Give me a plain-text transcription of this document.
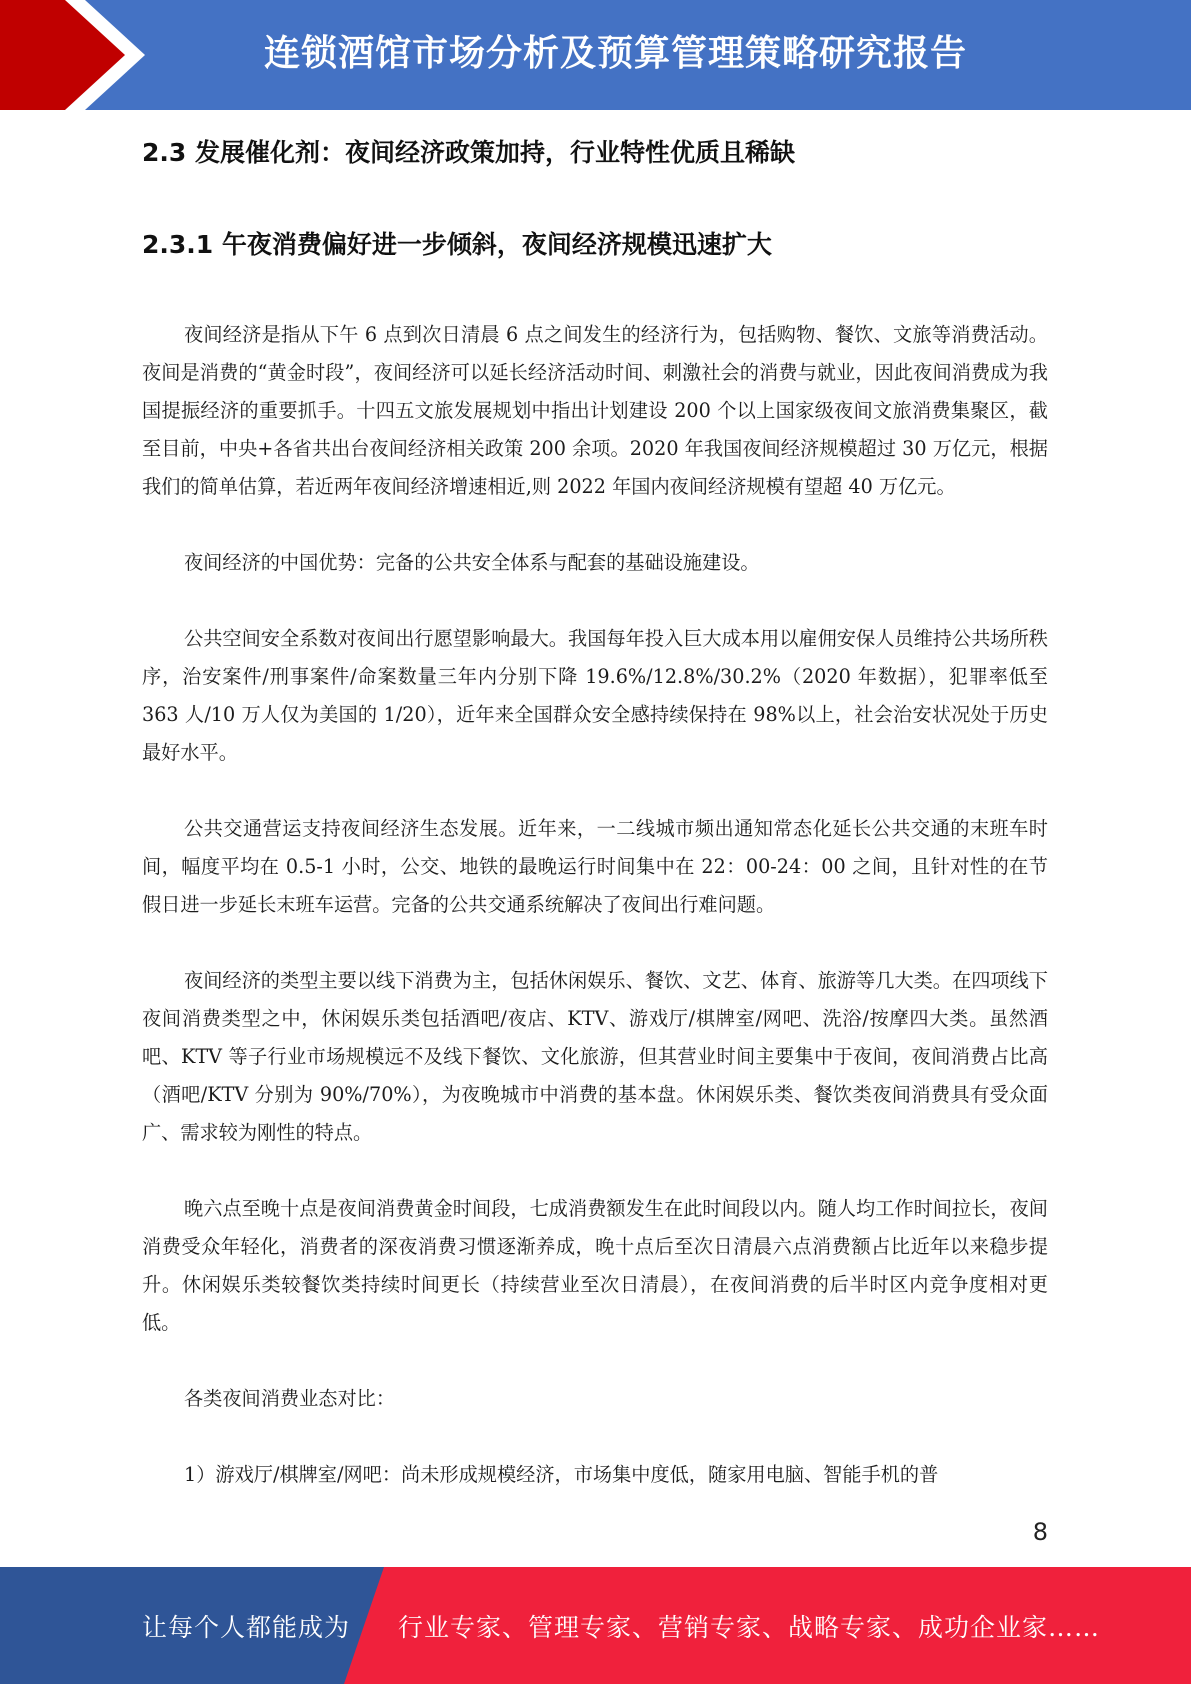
连锁酒馆市场分析及预算管理策略研究报告
2.3 发展催化剂：夜间经济政策加持，行业特性优质且稀缺
2.3.1 午夜消费偏好进一步倾斜，夜间经济规模迅速扩大

夜间经济是指从下午 6 点到次日清晨 6 点之间发生的经济行为，包括购物、餐饮、文旅等消费活动。夜间是消费的“黄金时段”，夜间经济可以延长经济活动时间、刺激社会的消费与就业，因此夜间消费成为我国提振经济的重要抓手。十四五文旅发展规划中指出计划建设 200 个以上国家级夜间文旅消费集聚区，截至目前，中央+各省共出台夜间经济相关政策 200 余项。2020 年我国夜间经济规模超过 30 万亿元，根据我们的简单估算，若近两年夜间经济增速相近,则 2022 年国内夜间经济规模有望超 40 万亿元。

夜间经济的中国优势：完备的公共安全体系与配套的基础设施建设。

公共空间安全系数对夜间出行愿望影响最大。我国每年投入巨大成本用以雇佣安保人员维持公共场所秩序，治安案件/刑事案件/命案数量三年内分别下降 19.6%/12.8%/30.2%（2020 年数据），犯罪率低至 363 人/10 万人仅为美国的 1/20），近年来全国群众安全感持续保持在 98%以上，社会治安状况处于历史最好水平。

公共交通营运支持夜间经济生态发展。近年来，一二线城市频出通知常态化延长公共交通的末班车时间，幅度平均在 0.5-1 小时，公交、地铁的最晚运行时间集中在 22：00-24：00 之间，且针对性的在节假日进一步延长末班车运营。完备的公共交通系统解决了夜间出行难问题。

夜间经济的类型主要以线下消费为主，包括休闲娱乐、餐饮、文艺、体育、旅游等几大类。在四项线下夜间消费类型之中，休闲娱乐类包括酒吧/夜店、KTV、游戏厅/棋牌室/网吧、洗浴/按摩四大类。虽然酒吧、KTV 等子行业市场规模远不及线下餐饮、文化旅游，但其营业时间主要集中于夜间，夜间消费占比高（酒吧/KTV 分别为 90%/70%），为夜晚城市中消费的基本盘。休闲娱乐类、餐饮类夜间消费具有受众面广、需求较为刚性的特点。

晚六点至晚十点是夜间消费黄金时间段，七成消费额发生在此时间段以内。随人均工作时间拉长，夜间消费受众年轻化，消费者的深夜消费习惯逐渐养成，晚十点后至次日清晨六点消费额占比近年以来稳步提升。休闲娱乐类较餐饮类持续时间更长（持续营业至次日清晨），在夜间消费的后半时区内竞争度相对更低。

各类夜间消费业态对比：

1）游戏厅/棋牌室/网吧：尚未形成规模经济，市场集中度低，随家用电脑、智能手机的普

8
让每个人都能成为 行业专家、管理专家、营销专家、战略专家、成功企业家……
